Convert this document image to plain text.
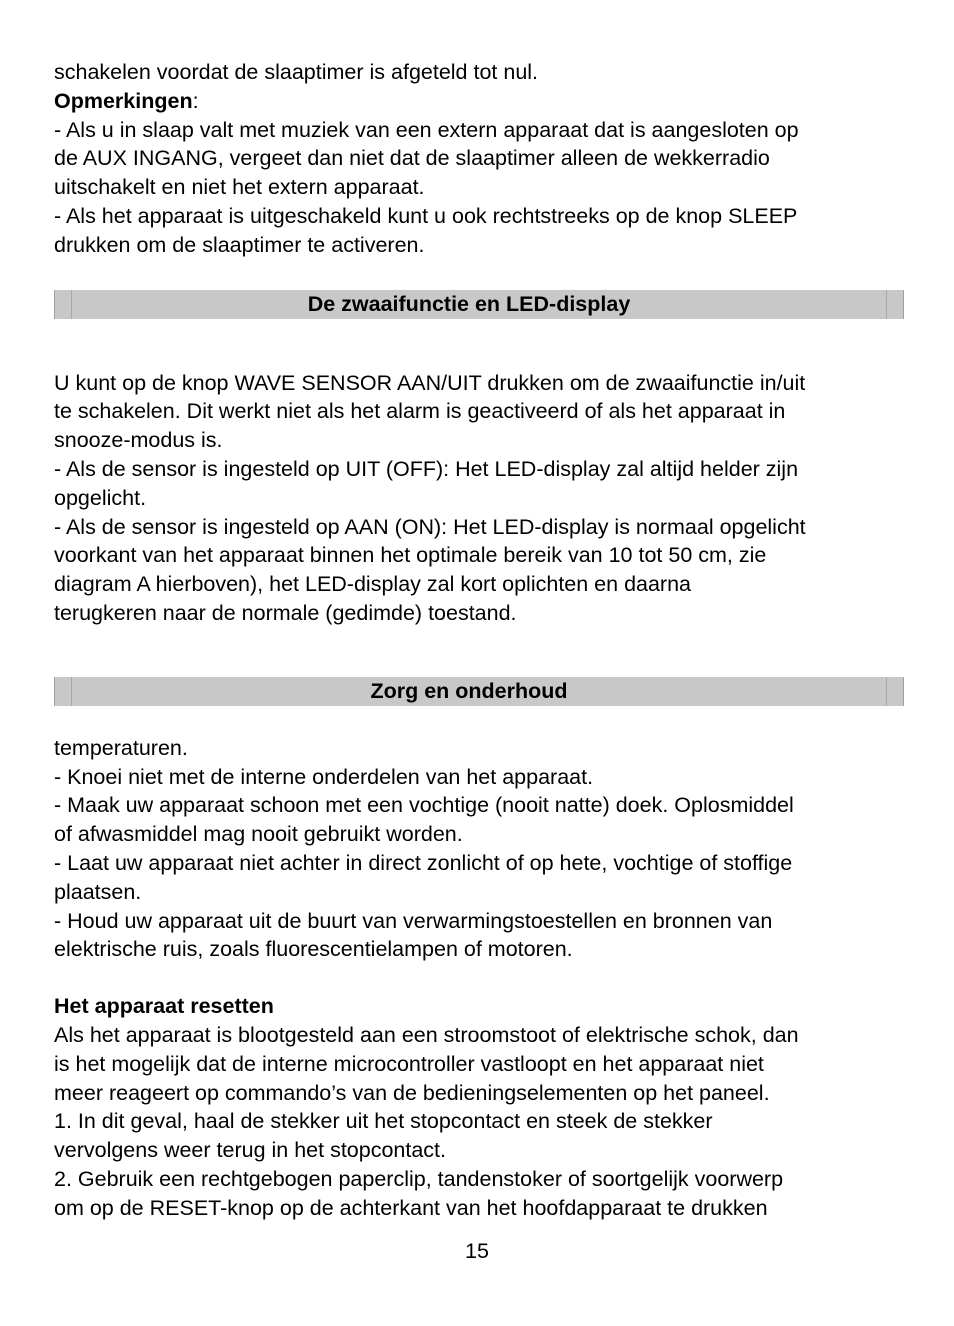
schakelen voordat de slaaptimer is afgeteld tot nul.

Opmerkingen:

- Als u in slaap valt met muziek van een extern apparaat dat is aangesloten op
de AUX INGANG, vergeet dan niet dat de slaaptimer alleen de wekkerradio
uitschakelt en niet het extern apparaat.
- Als het apparaat is uitgeschakeld kunt u ook rechtstreeks op de knop SLEEP
drukken om de slaaptimer te activeren.
De zwaaifunctie en LED-display

U kunt op de knop WAVE SENSOR AAN/UIT drukken om de zwaaifunctie in/uit

te schakelen. Dit werkt niet als het alarm is geactiveerd of als het apparaat in

snooze-modus is.

- Als de sensor is ingesteld op UIT (OFF): Het LED-display zal altijd helder zijn
opgelicht.
- Als de sensor is ingesteld op AAN (ON): Het LED-display is normaal opgelicht
voorkant van het apparaat binnen het optimale bereik van 10 tot 50 cm, zie
diagram A hierboven), het LED-display zal kort oplichten en daarna
terugkeren naar de normale (gedimde) toestand.
Zorg en onderhoud

temperaturen.

- Knoei niet met de interne onderdelen van het apparaat.
- Maak uw apparaat schoon met een vochtige (nooit natte) doek. Oplosmiddel
of afwasmiddel mag nooit gebruikt worden.
- Laat uw apparaat niet achter in direct zonlicht of op hete, vochtige of stoffige
plaatsen.
- Houd uw apparaat uit de buurt van verwarmingstoestellen en bronnen van
elektrische ruis, zoals fluorescentielampen of motoren.

Het apparaat resetten

Als het apparaat is blootgesteld aan een stroomstoot of elektrische schok, dan

is het mogelijk dat de interne microcontroller vastloopt en het apparaat niet

meer reageert op commando’s van de bedieningselementen op het paneel.

1. In dit geval, haal de stekker uit het stopcontact en steek de stekker
vervolgens weer terug in het stopcontact.
2. Gebruik een rechtgebogen paperclip, tandenstoker of soortgelijk voorwerp
om op de RESET-knop op de achterkant van het hoofdapparaat te drukken
15
